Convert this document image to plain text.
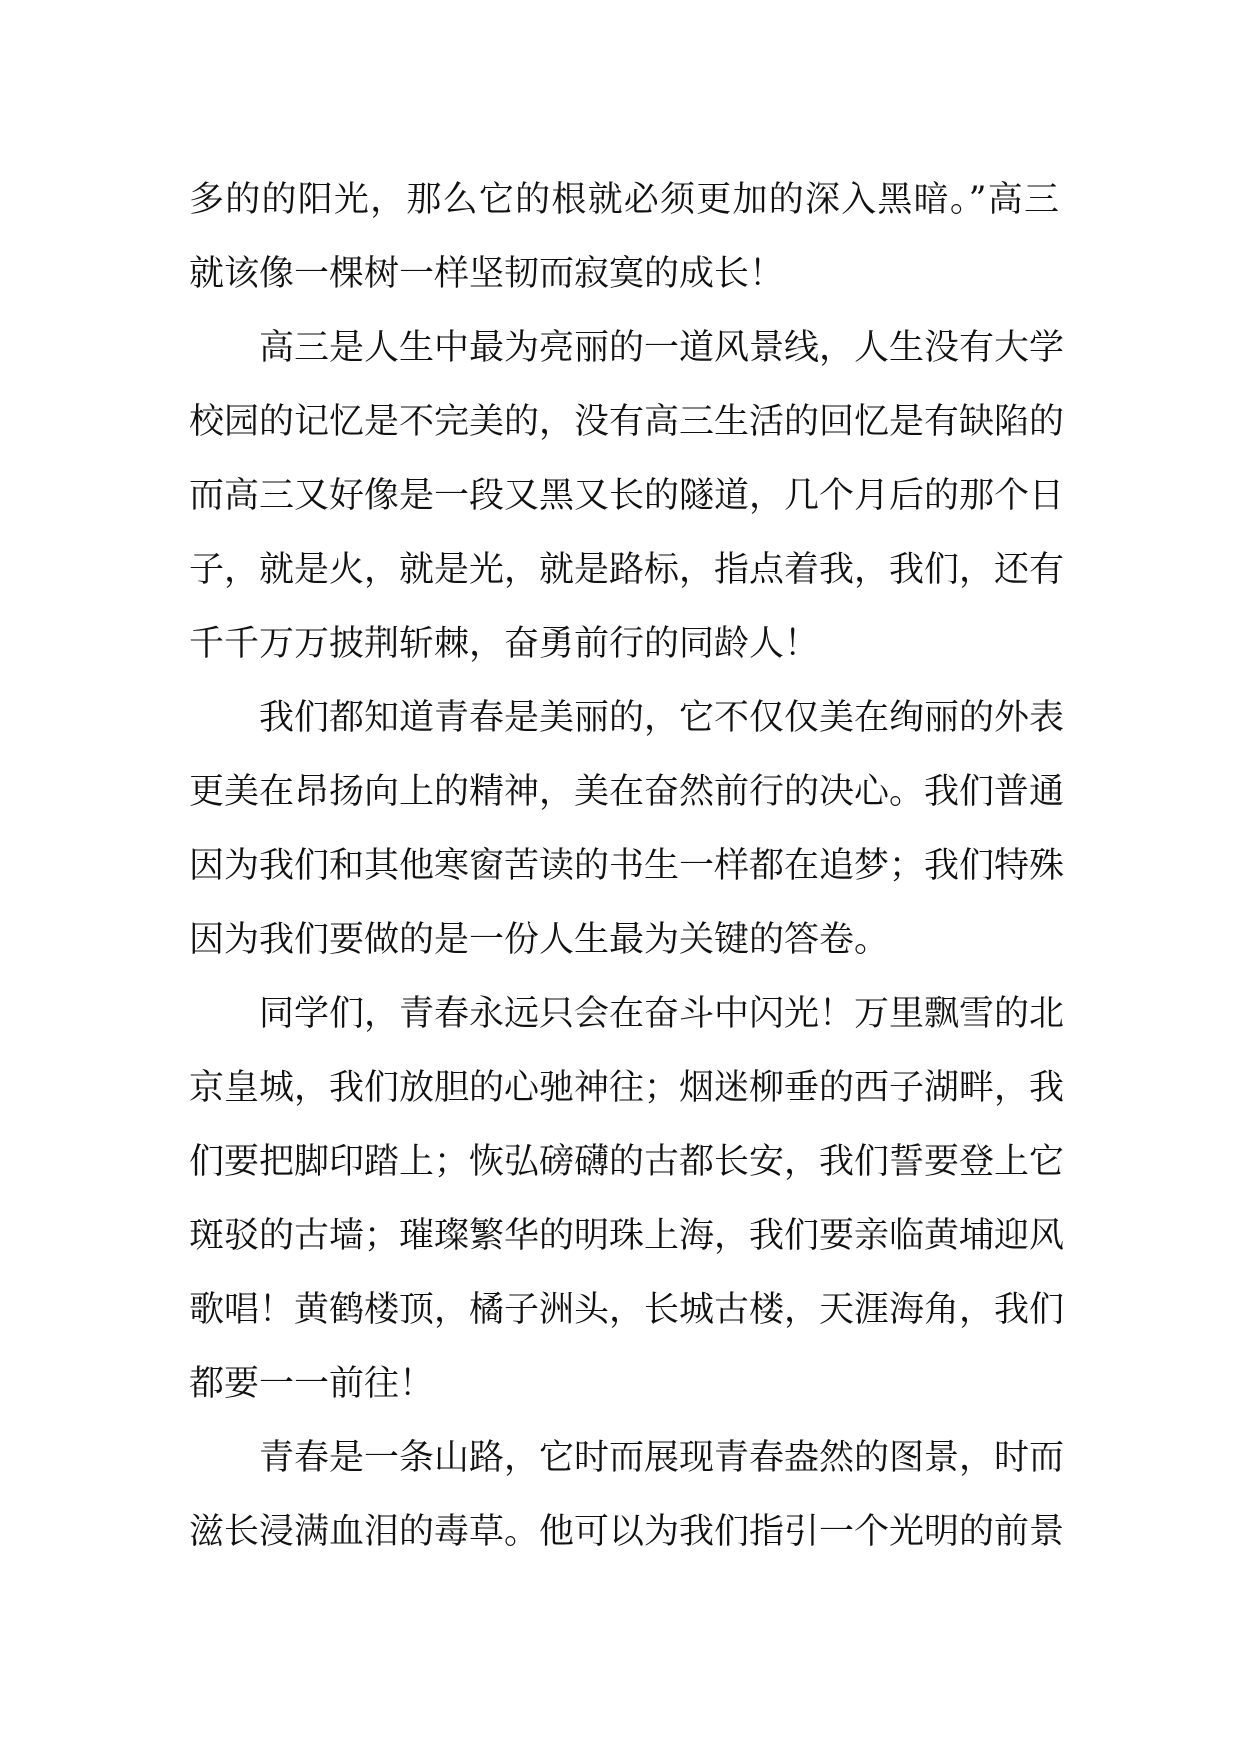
多的的阳光，那么它的根就必须更加的深入黑暗。”高三
就该像一棵树一样坚韧而寂寞的成长！
高三是人生中最为亮丽的一道风景线，人生没有大学
校园的记忆是不完美的，没有高三生活的回忆是有缺陷的
而高三又好像是一段又黑又长的隧道，几个月后的那个日
子，就是火，就是光，就是路标，指点着我，我们，还有
千千万万披荆斩棘，奋勇前行的同龄人！
我们都知道青春是美丽的，它不仅仅美在绚丽的外表
更美在昂扬向上的精神，美在奋然前行的决心。我们普通
因为我们和其他寒窗苦读的书生一样都在追梦；我们特殊
因为我们要做的是一份人生最为关键的答卷。
同学们，青春永远只会在奋斗中闪光！万里飘雪的北
京皇城，我们放胆的心驰神往；烟迷柳垂的西子湖畔，我
们要把脚印踏上；恢弘磅礴的古都长安，我们誓要登上它
斑驳的古墙；璀璨繁华的明珠上海，我们要亲临黄埔迎风
歌唱！黄鹤楼顶，橘子洲头，长城古楼，天涯海角，我们
都要一一前往！
青春是一条山路，它时而展现青春盎然的图景，时而
滋长浸满血泪的毒草。他可以为我们指引一个光明的前景
